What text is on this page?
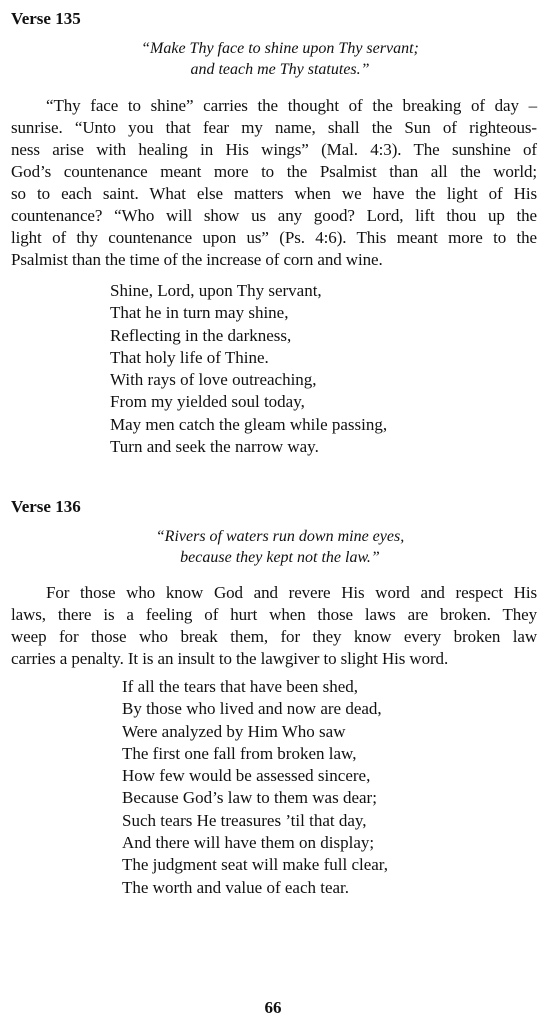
Verse 135

“Make Thy face to shine upon Thy servant;
and teach me Thy statutes.”

“Thy face to shine” carries the thought of the breaking of day –
sunrise. “Unto you that fear my name, shall the Sun of righteous-
ness arise with healing in His wings” (Mal. 4:3). The sunshine of
God’s countenance meant more to the Psalmist than all the world;
so to each saint. What else matters when we have the light of His
countenance? “Who will show us any good? Lord, lift thou up the
light of thy countenance upon us” (Ps. 4:6). This meant more to the
Psalmist than the time of the increase of corn and wine.

Shine, Lord, upon Thy servant,
That he in turn may shine,
Reflecting in the darkness,
That holy life of Thine.
With rays of love outreaching,
From my yielded soul today,
May men catch the gleam while passing,
Turn and seek the narrow way.
Verse 136

“Rivers of waters run down mine eyes,
because they kept not the law.”

For those who know God and revere His word and respect His
laws, there is a feeling of hurt when those laws are broken. They
weep for those who break them, for they know every broken law
carries a penalty. It is an insult to the lawgiver to slight His word.

If all the tears that have been shed,
By those who lived and now are dead,
Were analyzed by Him Who saw
The first one fall from broken law,
How few would be assessed sincere,
Because God’s law to them was dear;
Such tears He treasures ’til that day,
And there will have them on display;
The judgment seat will make full clear,
The worth and value of each tear.
66
